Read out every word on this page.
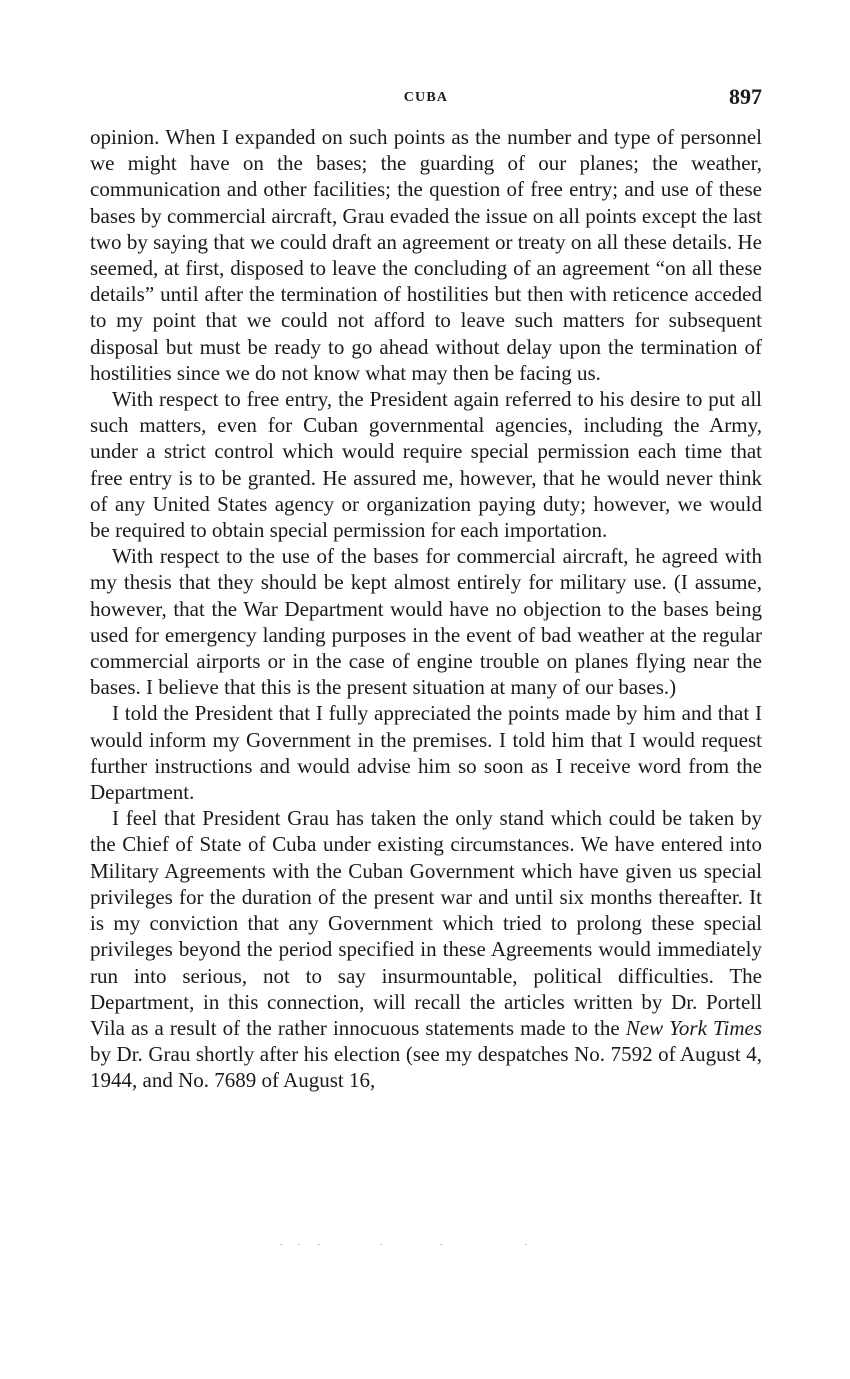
CUBA	897

opinion. When I expanded on such points as the number and type of personnel we might have on the bases; the guarding of our planes; the weather, communication and other facilities; the question of free entry; and use of these bases by commercial aircraft, Grau evaded the issue on all points except the last two by saying that we could draft an agreement or treaty on all these details. He seemed, at first, disposed to leave the concluding of an agreement “on all these details” until after the termination of hostilities but then with reticence acceded to my point that we could not afford to leave such matters for subsequent disposal but must be ready to go ahead without delay upon the termination of hostilities since we do not know what may then be facing us.

With respect to free entry, the President again referred to his desire to put all such matters, even for Cuban governmental agencies, including the Army, under a strict control which would require special permission each time that free entry is to be granted. He assured me, however, that he would never think of any United States agency or organization paying duty; however, we would be required to obtain special permission for each importation.

With respect to the use of the bases for commercial aircraft, he agreed with my thesis that they should be kept almost entirely for military use. (I assume, however, that the War Department would have no objection to the bases being used for emergency landing purposes in the event of bad weather at the regular commercial airports or in the case of engine trouble on planes flying near the bases. I believe that this is the present situation at many of our bases.)

I told the President that I fully appreciated the points made by him and that I would inform my Government in the premises. I told him that I would request further instructions and would advise him so soon as I receive word from the Department.

I feel that President Grau has taken the only stand which could be taken by the Chief of State of Cuba under existing circumstances. We have entered into Military Agreements with the Cuban Government which have given us special privileges for the duration of the present war and until six months thereafter. It is my conviction that any Government which tried to prolong these special privileges beyond the period specified in these Agreements would immediately run into serious, not to say insurmountable, political difficulties. The Department, in this connection, will recall the articles written by Dr. Portell Vila as a result of the rather innocuous statements made to the New York Times by Dr. Grau shortly after his election (see my despatches No. 7592 of August 4, 1944, and No. 7689 of August 16,
